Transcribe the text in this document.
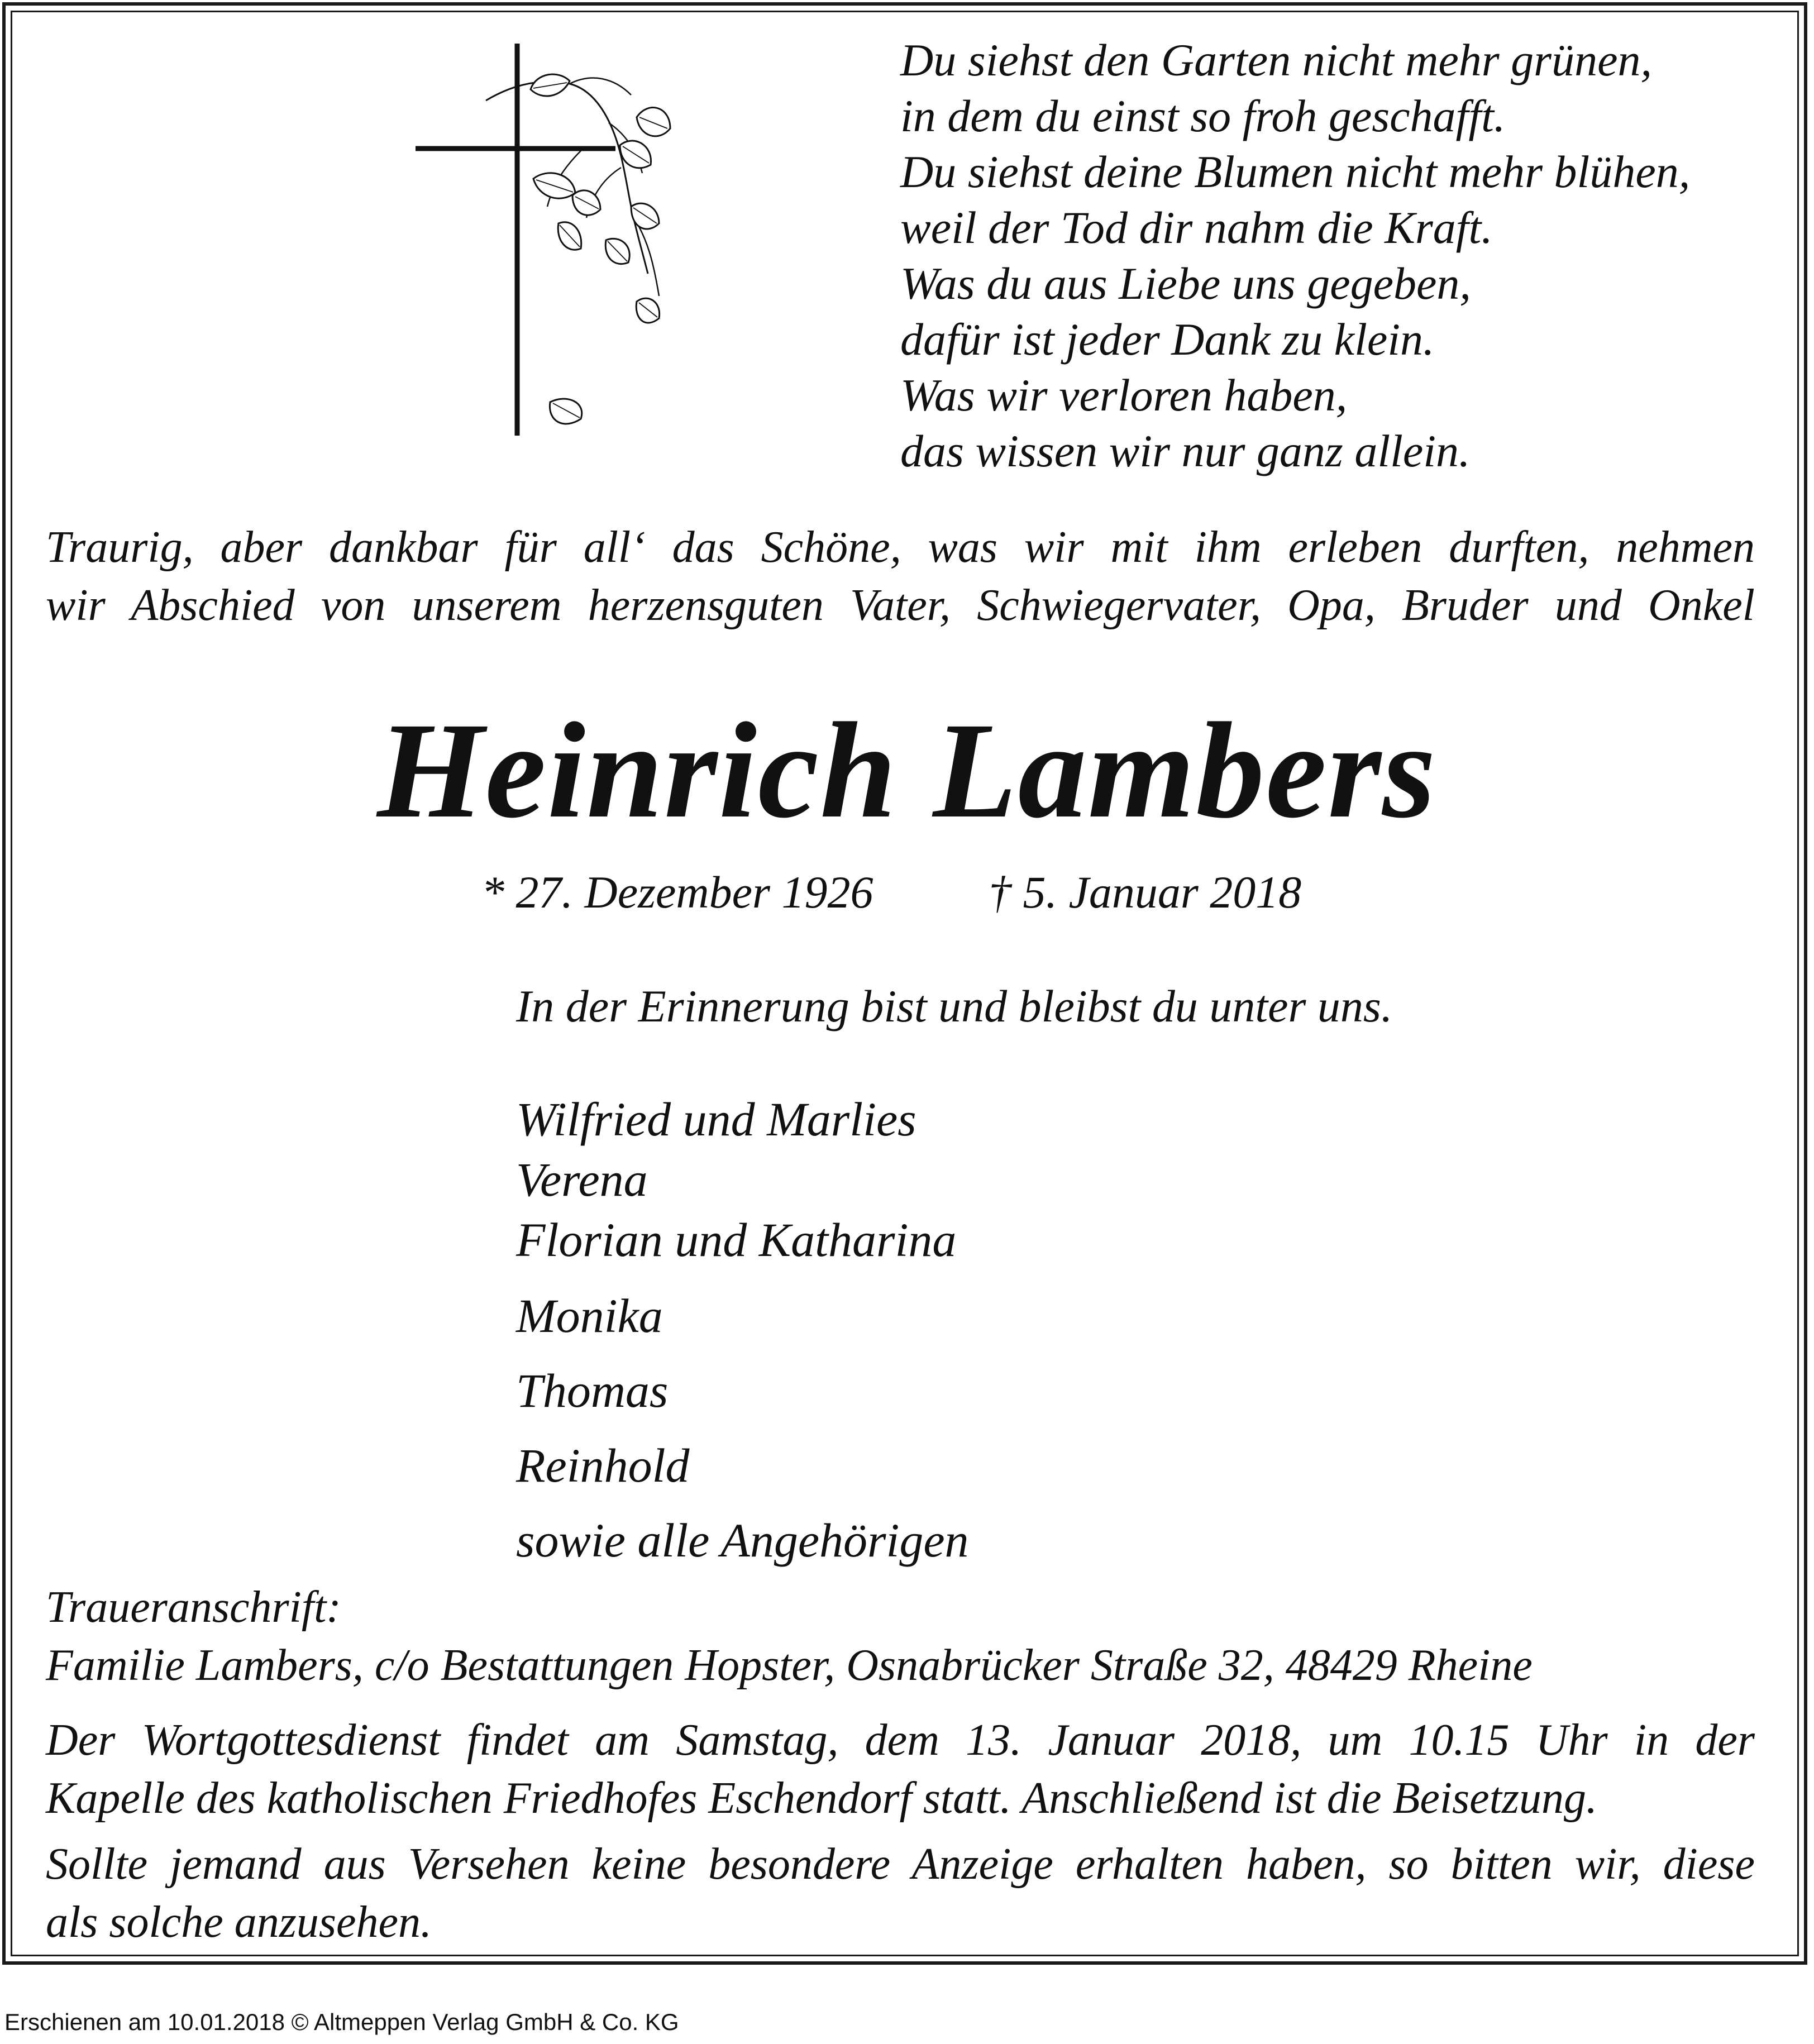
Du siehst den Garten nicht mehr grünen,
in dem du einst so froh geschafft.
Du siehst deine Blumen nicht mehr blühen,
weil der Tod dir nahm die Kraft.
Was du aus Liebe uns gegeben,
dafür ist jeder Dank zu klein.
Was wir verloren haben,
das wissen wir nur ganz allein.
Traurig, aber dankbar für all‘ das Schöne, was wir mit ihm erleben durften, nehmen
wir Abschied von unserem herzensguten Vater, Schwiegervater, Opa, Bruder und Onkel
Heinrich Lambers
* 27. Dezember 1926	† 5. Januar 2018
In der Erinnerung bist und bleibst du unter uns.
Wilfried und Marlies
Verena
Florian und Katharina
Monika
Thomas
Reinhold
sowie alle Angehörigen
Traueranschrift:
Familie Lambers, c/o Bestattungen Hopster, Osnabrücker Straße 32, 48429 Rheine
Der Wortgottesdienst findet am Samstag, dem 13. Januar 2018, um 10.15 Uhr in der
Kapelle des katholischen Friedhofes Eschendorf statt. Anschließend ist die Beisetzung.
Sollte jemand aus Versehen keine besondere Anzeige erhalten haben, so bitten wir, diese
als solche anzusehen.
Erschienen am 10.01.2018 © Altmeppen Verlag GmbH & Co. KG
